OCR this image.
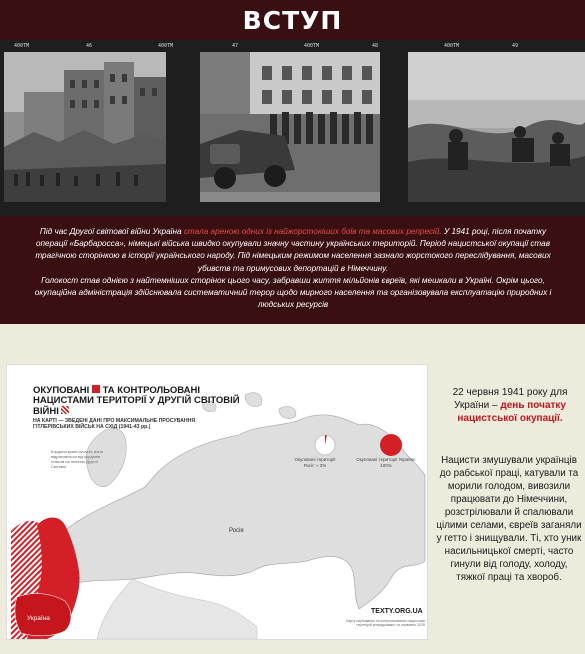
ВСТУП
400TM	46	400TM	47	400TM	48	400TM	49
Під час Другої світової війни Україна стала ареною одних із найжорстокіших боїв та масових репресій. У 1941 році, після початку операції «Барбаросса», німецькі війська швидко окупували значну частину українських територій. Період нацистської окупації став трагічною сторінкою в історії українського народу. Під німецьким режимом населення зазнало жорстокого переслідування, масових убивств та примусових депортацій в Німеччину.
Голокост став однією з найтемніших сторінок цього часу, забравши життя мільйонів євреїв, які мешкали в Україні. Окрім цього, окупаційна адміністрація здійснювала систематичний терор щодо мирного населення та організовувала експлуатацію природних і людських ресурсів
ОКУПОВАНІ ТА КОНТРОЛЬОВАНІ НАЦИСТАМИ ТЕРИТОРІЇ У ДРУГІЙ СВІТОВІЙ ВІЙНІ
НА КАРТІ — ЗВЕДЕНІ ДАНІ ПРО МАКСИМАЛЬНЕ ПРОСУВАННЯ ГІТЛЕРІВСЬКИХ ВІЙСЬК НА СХІД (1941-43 рр.)
Кордони країн сучасні, вони відрізняються від кордонів станом на початок Другої Світової
Окуповані території Росії: ≈ 3%
Окуповані території України: 100%
Росія
Україна
TEXTY.ORG.UA
Карту окупованих та контрольованих нацистами територій упорядковано та оновлено 2025
22 червня 1941 року для України – день початку нацистської окупації.
Нацисти змушували українців до рабської праці, катували та морили голодом, вивозили працювати до Німеччини, розстрілювали й спалювали цілими селами, євреїв заганяли у гетто і знищували. Ті, хто уник насильницької смерті, часто гинули від голоду, холоду, тяжкої праці та хвороб.
